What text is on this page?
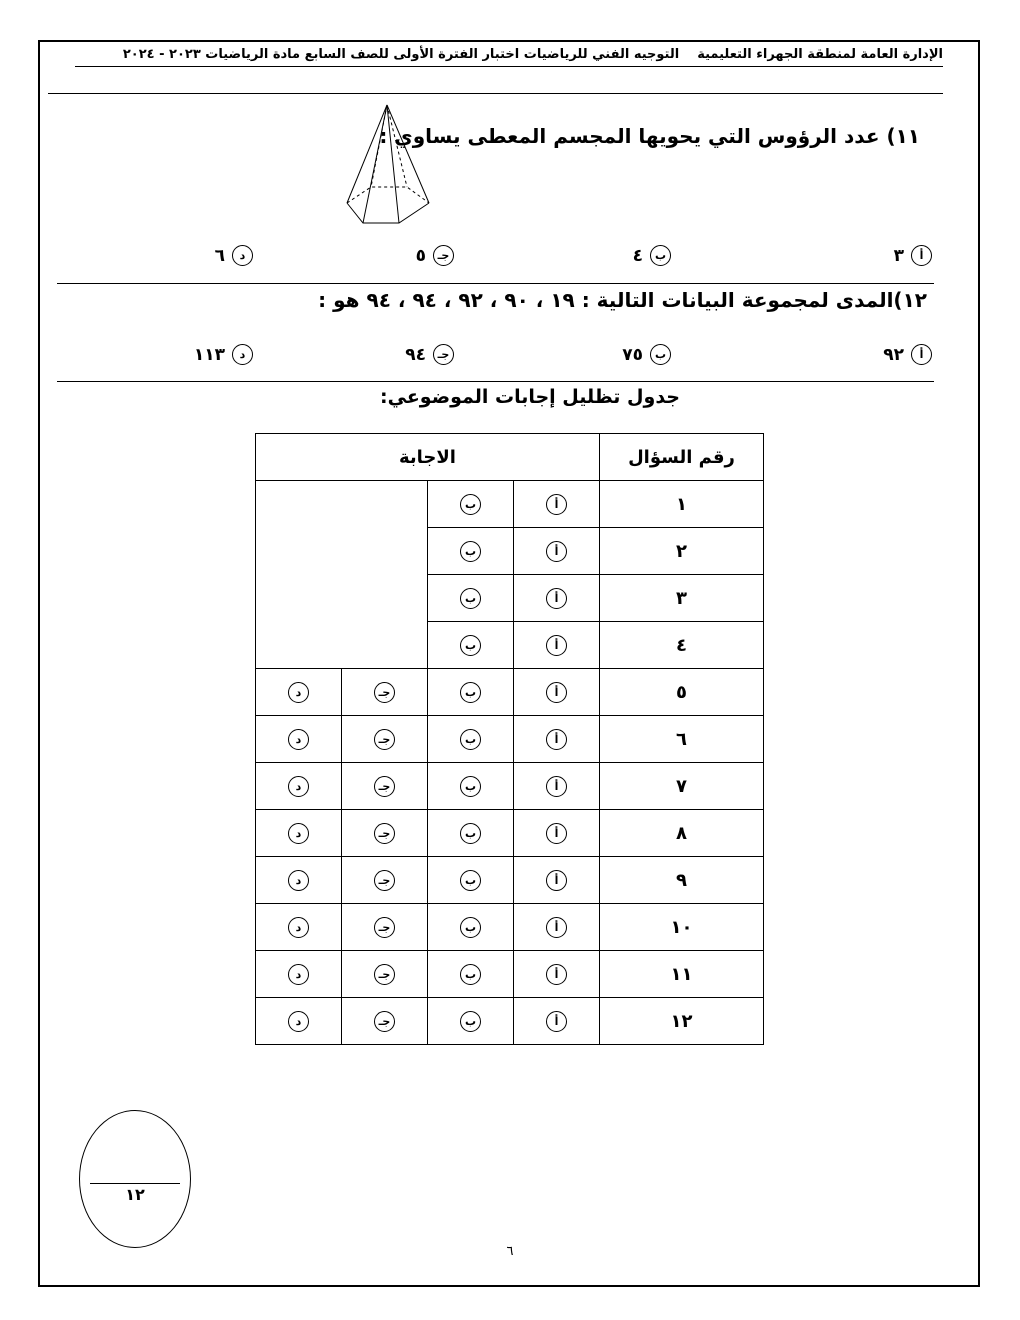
الإدارة العامة لمنطقة الجهراء التعليميةالتوجيه الفني للرياضيات اختبار الفترة الأولى للصف السابع مادة الرياضيات ٢٠٢٣ - ٢٠٢٤
١١) عدد الرؤوس التي يحويها المجسم المعطى يساوي :
أ
٣
ب
٤
جـ
٥
د
٦
١٢)المدى لمجموعة البيانات التالية : ١٩ ، ٩٠ ، ٩٢ ، ٩٤ ، ٩٤ هو :
أ
٩٢
ب
٧٥
جـ
٩٤
د
١١٣
جدول تظليل إجابات الموضوعي:
الاجابة				رقم السؤال
		ب	أ	١
		ب	أ	٢
		ب	أ	٣
		ب	أ	٤
د	جـ	ب	أ	٥
د	جـ	ب	أ	٦
د	جـ	ب	أ	٧
د	جـ	ب	أ	٨
د	جـ	ب	أ	٩
د	جـ	ب	أ	١٠
د	جـ	ب	أ	١١
د	جـ	ب	أ	١٢
١٢
٦
